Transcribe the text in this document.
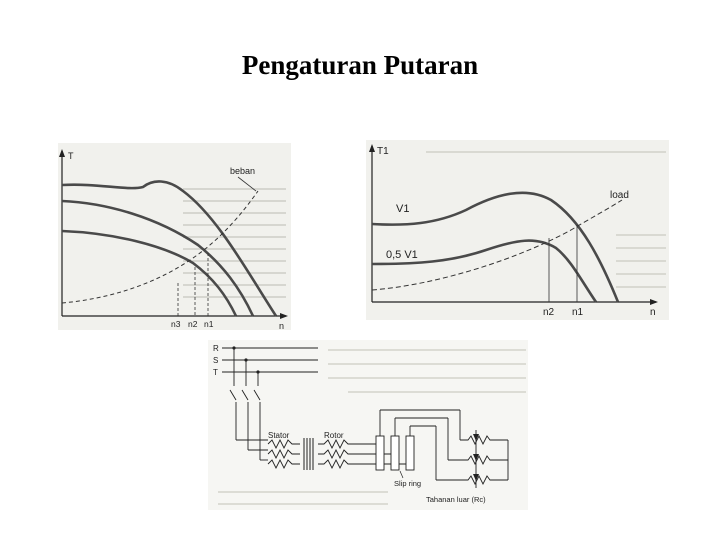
Pengaturan Putaran
T
n
beban
n3 n2 n1
T1
n
load
V1
0,5 V1
n2 n1
R
S
T
Stator	Rotor
Slip ring
Tahanan luar (Rc)
